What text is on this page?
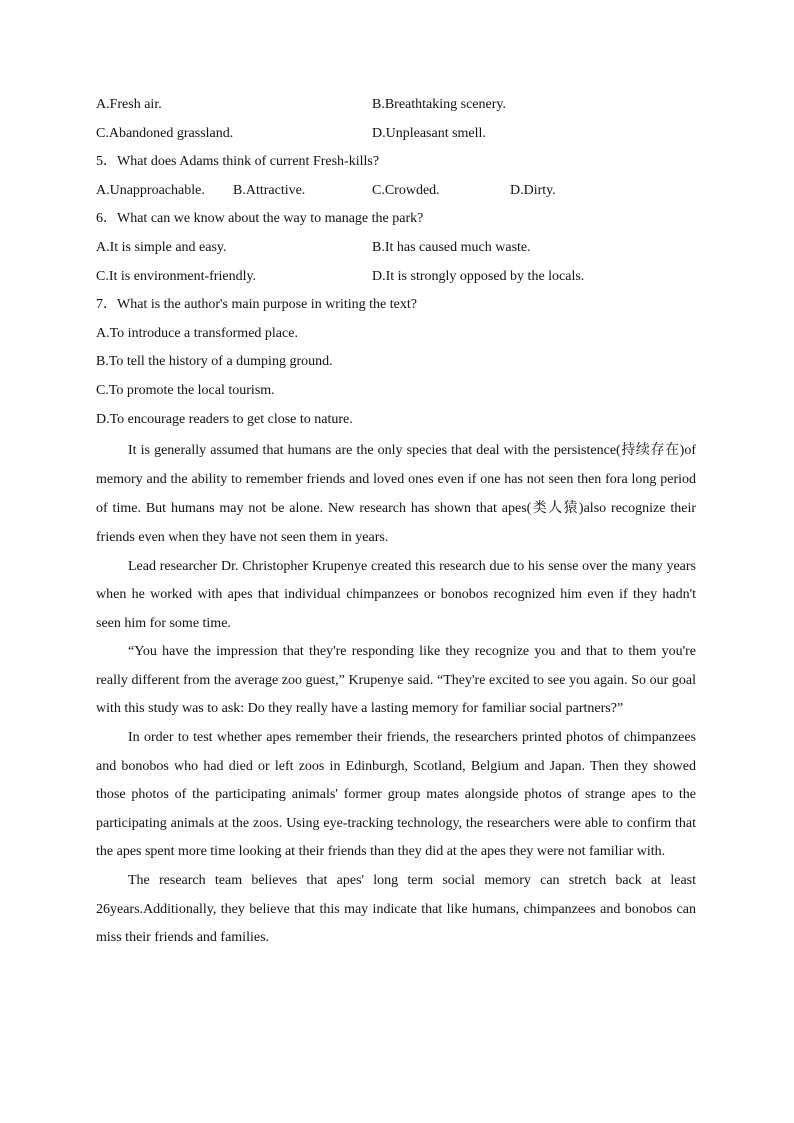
A.Fresh air.	B.Breathtaking scenery.
C.Abandoned grassland.	D.Unpleasant smell.
5．What does Adams think of current Fresh-kills?
A.Unapproachable. B.Attractive.	C.Crowded.	D.Dirty.
6．What can we know about the way to manage the park?
A.It is simple and easy.	B.It has caused much waste.
C.It is environment-friendly.	D.It is strongly opposed by the locals.
7．What is the author's main purpose in writing the text?
A.To introduce a transformed place.
B.To tell the history of a dumping ground.
C.To promote the local tourism.
D.To encourage readers to get close to nature.

It is generally assumed that humans are the only species that deal with the persistence(持续存在)of memory and the ability to remember friends and loved ones even if one has not seen then fora long period of time. But humans may not be alone. New research has shown that apes(类人猿)also recognize their friends even when they have not seen them in years.

Lead researcher Dr. Christopher Krupenye created this research due to his sense over the many years when he worked with apes that individual chimpanzees or bonobos recognized him even if they hadn't seen him for some time.

“You have the impression that they're responding like they recognize you and that to them you're really different from the average zoo guest,” Krupenye said. “They're excited to see you again. So our goal with this study was to ask: Do they really have a lasting memory for familiar social partners?”

In order to test whether apes remember their friends, the researchers printed photos of chimpanzees and bonobos who had died or left zoos in Edinburgh, Scotland, Belgium and Japan. Then they showed those photos of the participating animals' former group mates alongside photos of strange apes to the participating animals at the zoos. Using eye-tracking technology, the researchers were able to confirm that the apes spent more time looking at their friends than they did at the apes they were not familiar with.

The research team believes that apes' long term social memory can stretch back at least 26years.Additionally, they believe that this may indicate that like humans, chimpanzees and bonobos can miss their friends and families.
